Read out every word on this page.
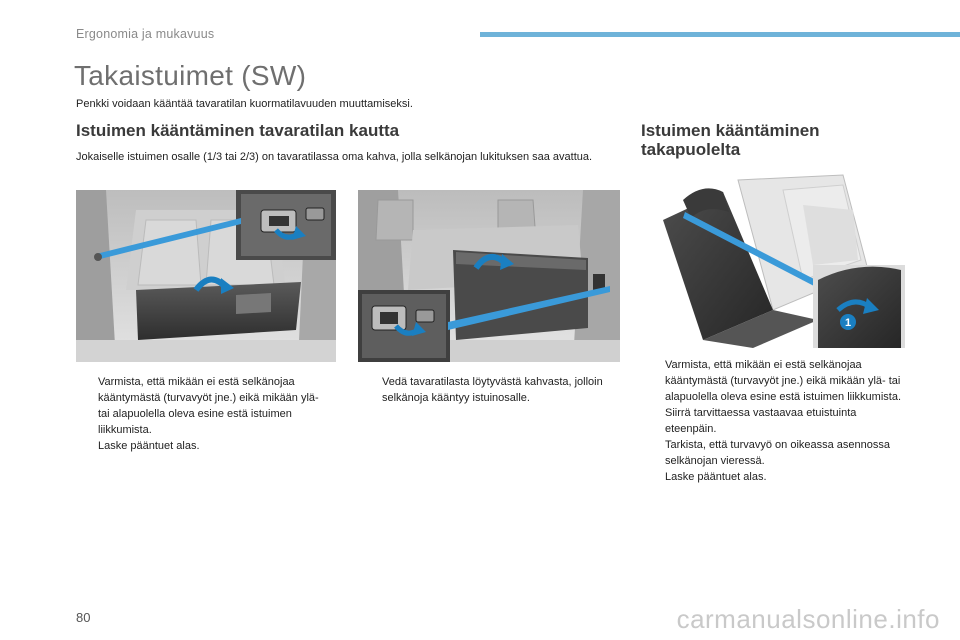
Ergonomia ja mukavuus
Takaistuimet (SW)

Penkki voidaan kääntää tavaratilan kuormatilavuuden muuttamiseksi.

Istuimen kääntäminen tavaratilan kautta

Jokaiselle istuimen osalle (1/3 tai 2/3) on tavaratilassa oma kahva, jolla selkänojan lukituksen saa avattua.

Istuimen kääntäminen takapuolelta
1
Varmista, että mikään ei estä selkänojaa kääntymästä (turvavyöt jne.) eikä mikään ylä- tai alapuolella oleva esine estä istuimen liikkumista.
Laske pääntuet alas.
Vedä tavaratilasta löytyvästä kahvasta, jolloin selkänoja kääntyy istuinosalle.
Varmista, että mikään ei estä selkänojaa kääntymästä (turvavyöt jne.) eikä mikään ylä- tai alapuolella oleva esine estä istuimen liikkumista.
Siirrä tarvittaessa vastaavaa etuistuinta eteenpäin.
Tarkista, että turvavyö on oikeassa asennossa selkänojan vieressä.
Laske pääntuet alas.
80	carmanualsonline.info
